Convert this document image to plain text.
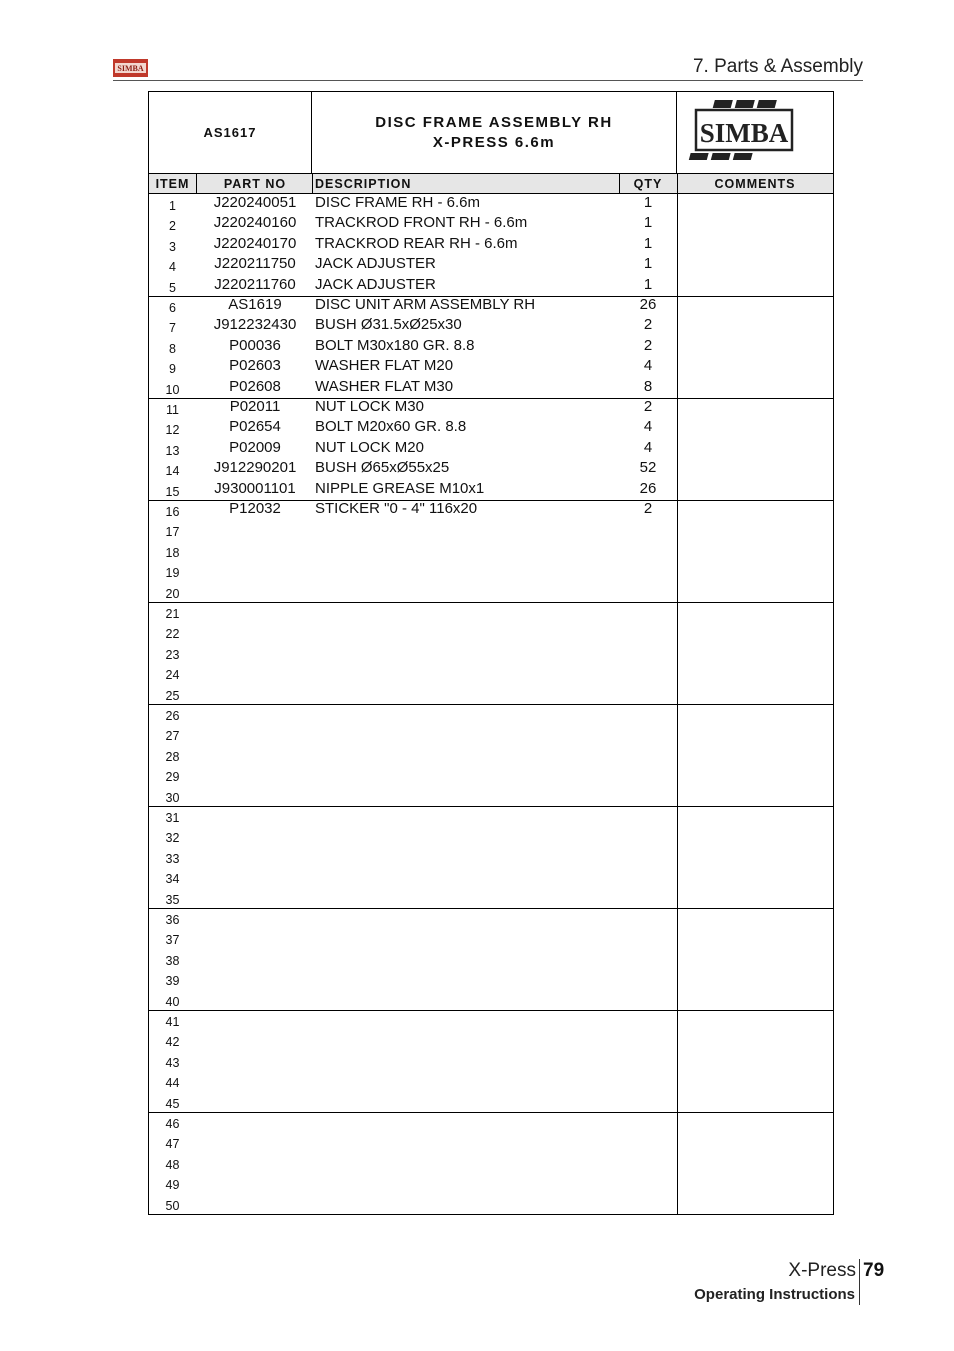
SIMBA	7. Parts & Assembly
AS1617
DISC FRAME ASSEMBLY RH
X-PRESS 6.6m	SIMBA
ITEM	PART NO	DESCRIPTION	QTY	COMMENTS
1	J220240051	DISC FRAME RH - 6.6m	1
2	J220240160	TRACKROD FRONT RH - 6.6m	1
3	J220240170	TRACKROD REAR RH - 6.6m	1
4	J220211750	JACK ADJUSTER	1
5	J220211760	JACK ADJUSTER	1
6	AS1619	DISC UNIT ARM ASSEMBLY RH	26
7	J912232430	BUSH Ø31.5xØ25x30	2
8	P00036	BOLT M30x180 GR. 8.8	2
9	P02603	WASHER FLAT M20	4
10	P02608	WASHER FLAT M30	8
11	P02011	NUT LOCK M30	2
12	P02654	BOLT M20x60 GR. 8.8	4
13	P02009	NUT LOCK M20	4
14	J912290201	BUSH Ø65xØ55x25	52
15	J930001101	NIPPLE GREASE M10x1	26
16	P12032	STICKER "0 - 4" 116x20	2
17
18
19
20
21
22
23
24
25
26
27
28
29
30
31
32
33
34
35
36
37
38
39
40
41
42
43
44
45
46
47
48
49
50
X-Press 79
Operating Instructions
